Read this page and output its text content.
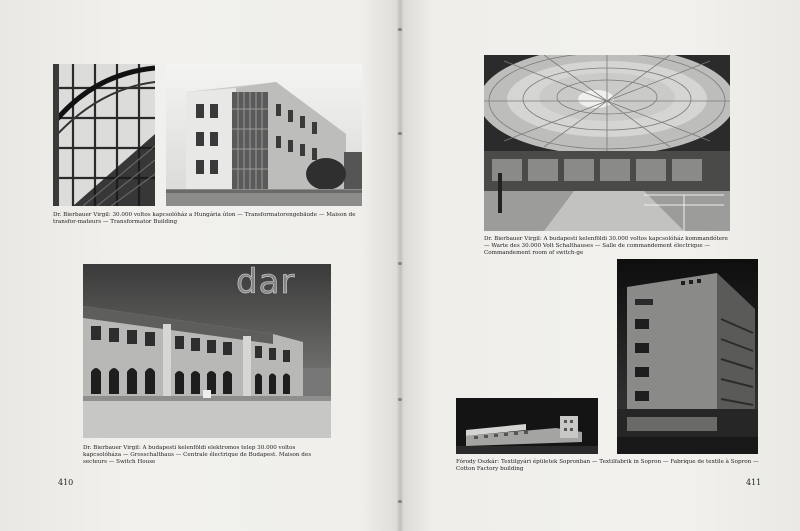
Dr. Bierbauer Virgil: 30.000 voltos kapcsolóház a Hungária úton — Transformatorengebäude — Maison de transfor-mateurs — Transformator Building
dar
Dr. Bierbauer Virgil: A budapesti kelenföldi elektromos telep 30.000 voltos kapcsolóháza — Grosschalthaus — Centrale électrique de Budapest. Maison des secteurs — Switch House
410
Dr. Bierbauer Virgil: A budapesti kelenföldi 30.000 voltos kapcsolóház kommandótere — Warte des 30.000 Volt Schalthauses — Salle de commandement électrique — Commandement room of switch-ge
Fórody Oszkár: Textilgyári épületek Sopronban — Textilfabrik in Sopron — Fabrique de textile à Sopron — Cotton Factory building
411
